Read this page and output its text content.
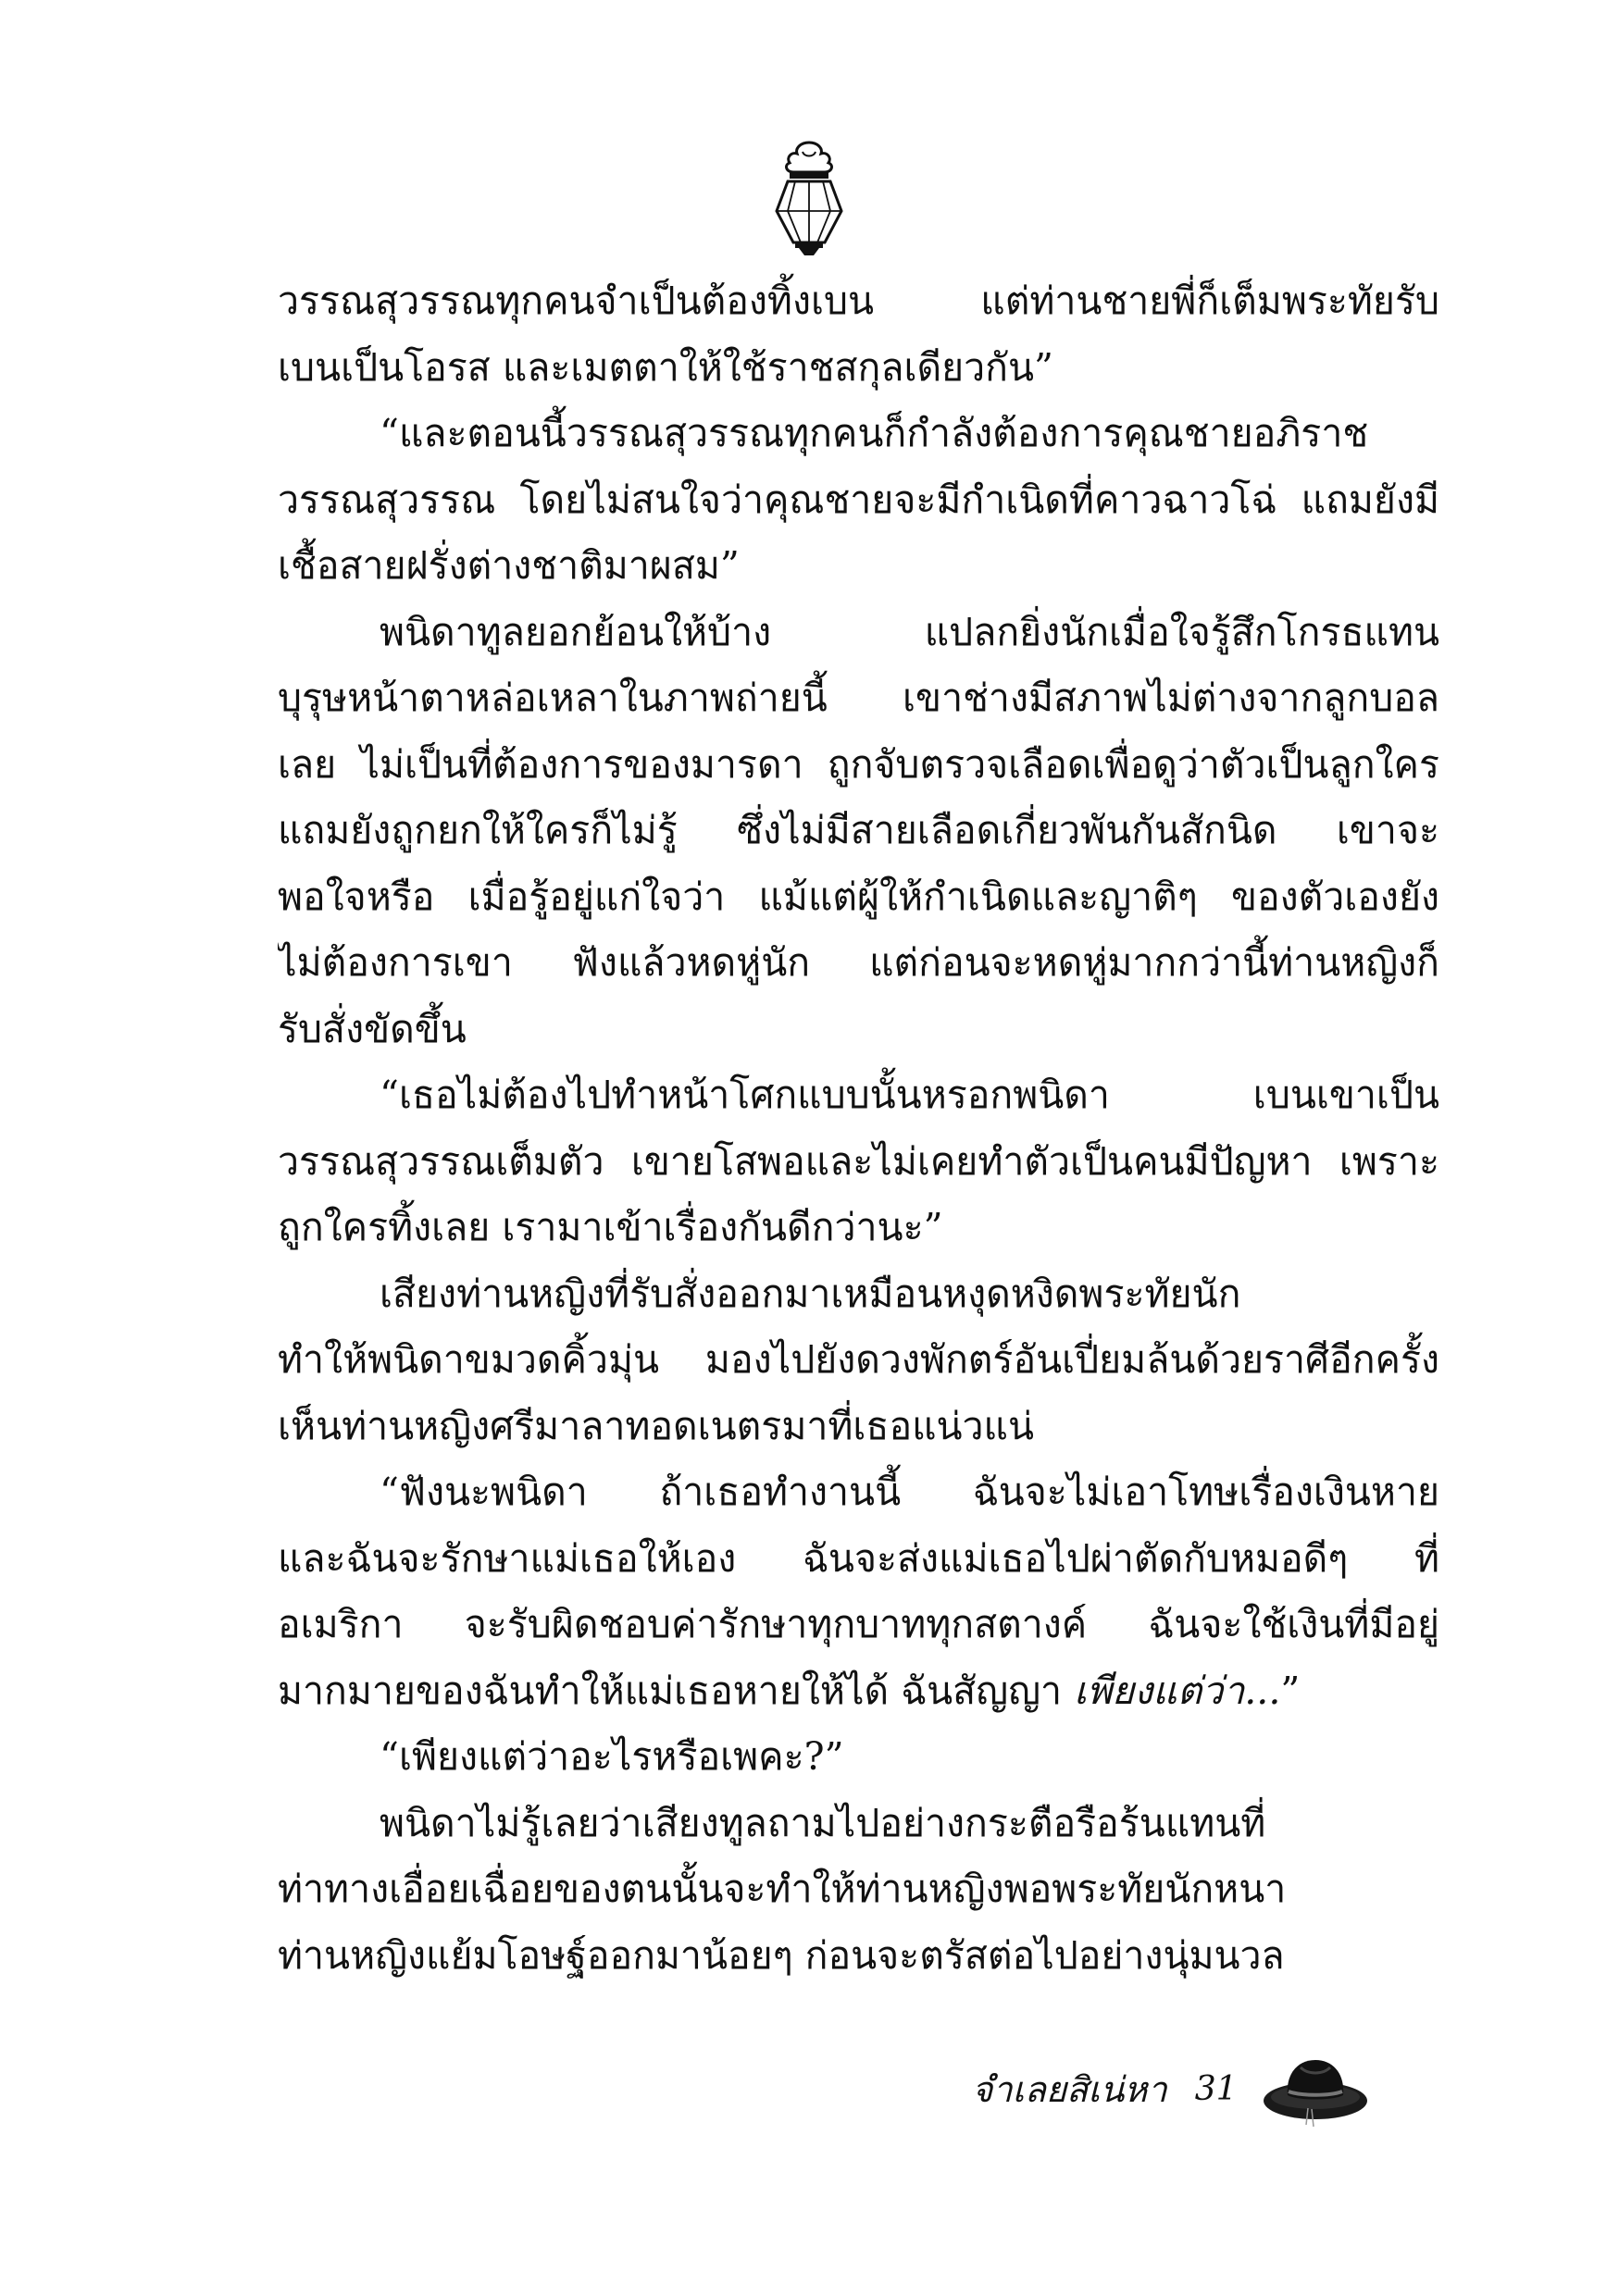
วรรณสุวรรณทุกคนจำเป็นต้องทิ้งเบน แต่ท่านชายพี่ก็เต็มพระทัยรับ
เบนเป็นโอรส และเมตตาให้ใช้ราชสกุลเดียวกัน”
“และตอนนี้วรรณสุวรรณทุกคนก็กำลังต้องการคุณชายอภิราช
วรรณสุวรรณ โดยไม่สนใจว่าคุณชายจะมีกำเนิดที่คาวฉาวโฉ่ แถมยังมี
เชื้อสายฝรั่งต่างชาติมาผสม”
พนิดาทูลยอกย้อนให้บ้าง แปลกยิ่งนักเมื่อใจรู้สึกโกรธแทน
บุรุษหน้าตาหล่อเหลาในภาพถ่ายนี้ เขาช่างมีสภาพไม่ต่างจากลูกบอล
เลย ไม่เป็นที่ต้องการของมารดา ถูกจับตรวจเลือดเพื่อดูว่าตัวเป็นลูกใคร
แถมยังถูกยกให้ใครก็ไม่รู้ ซึ่งไม่มีสายเลือดเกี่ยวพันกันสักนิด เขาจะ
พอใจหรือ เมื่อรู้อยู่แก่ใจว่า แม้แต่ผู้ให้กำเนิดและญาติๆ ของตัวเองยัง
ไม่ต้องการเขา ฟังแล้วหดหู่นัก แต่ก่อนจะหดหู่มากกว่านี้ท่านหญิงก็
รับสั่งขัดขึ้น
“เธอไม่ต้องไปทำหน้าโศกแบบนั้นหรอกพนิดา เบนเขาเป็น
วรรณสุวรรณเต็มตัว เขายโสพอและไม่เคยทำตัวเป็นคนมีปัญหา เพราะ
ถูกใครทิ้งเลย เรามาเข้าเรื่องกันดีกว่านะ”
เสียงท่านหญิงที่รับสั่งออกมาเหมือนหงุดหงิดพระทัยนัก
ทำให้พนิดาขมวดคิ้วมุ่น มองไปยังดวงพักตร์อันเปี่ยมล้นด้วยราศีอีกครั้ง
เห็นท่านหญิงศรีมาลาทอดเนตรมาที่เธอแน่วแน่
“ฟังนะพนิดา ถ้าเธอทำงานนี้ ฉันจะไม่เอาโทษเรื่องเงินหาย
และฉันจะรักษาแม่เธอให้เอง ฉันจะส่งแม่เธอไปผ่าตัดกับหมอดีๆ ที่
อเมริกา จะรับผิดชอบค่ารักษาทุกบาททุกสตางค์ ฉันจะใช้เงินที่มีอยู่
มากมายของฉันทำให้แม่เธอหายให้ได้ ฉันสัญญา เพียงแต่ว่า...”
“เพียงแต่ว่าอะไรหรือเพคะ?”
พนิดาไม่รู้เลยว่าเสียงทูลถามไปอย่างกระตือรือร้นแทนที่
ท่าทางเอื่อยเฉื่อยของตนนั้นจะทำให้ท่านหญิงพอพระทัยนักหนา
ท่านหญิงแย้มโอษฐ์ออกมาน้อยๆ ก่อนจะตรัสต่อไปอย่างนุ่มนวล
จำเลยสิเน่หา 31
